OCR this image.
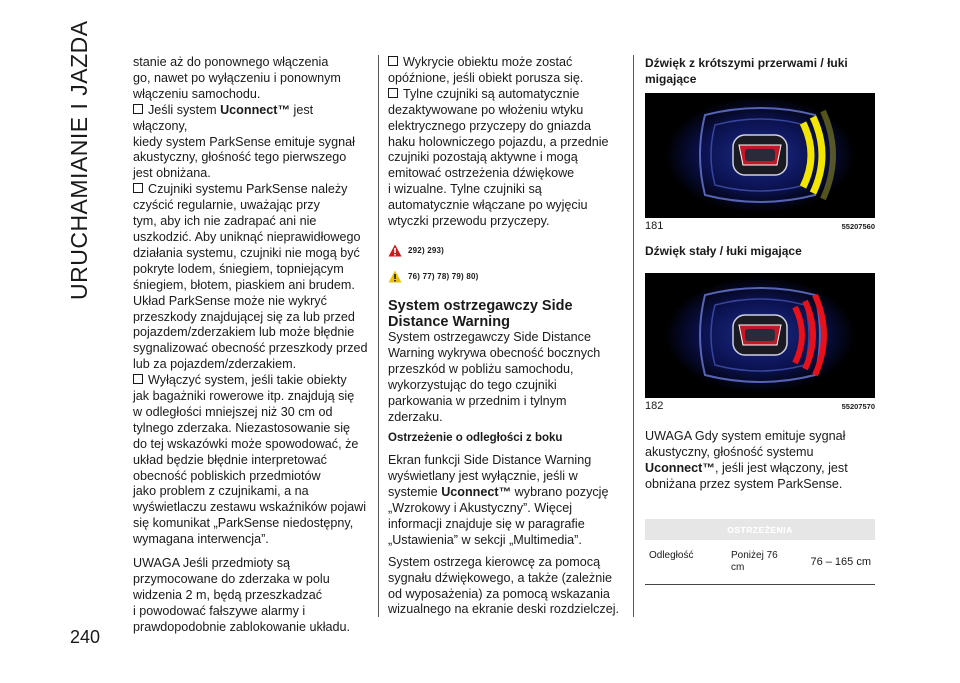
URUCHAMIANIE I JAZDA
240

stanie aż do ponownego włączenia
go, nawet po wyłączeniu i ponownym
włączeniu samochodu.

Jeśli system Uconnect™ jest włączony,
kiedy system ParkSense emituje sygnał
akustyczny, głośność tego pierwszego
jest obniżana.

Czujniki systemu ParkSense należy
czyścić regularnie, uważając przy
tym, aby ich nie zadrapać ani nie
uszkodzić. Aby uniknąć nieprawidłowego
działania systemu, czujniki nie mogą być
pokryte lodem, śniegiem, topniejącym
śniegiem, błotem, piaskiem ani brudem.
Układ ParkSense może nie wykryć
przeszkody znajdującej się za lub przed
pojazdem/zderzakiem lub może błędnie
sygnalizować obecność przeszkody przed
lub za pojazdem/zderzakiem.

Wyłączyć system, jeśli takie obiekty
jak bagażniki rowerowe itp. znajdują się
w odległości mniejszej niż 30 cm od
tylnego zderzaka. Niezastosowanie się
do tej wskazówki może spowodować, że
układ będzie błędnie interpretować
obecność pobliskich przedmiotów
jako problem z czujnikami, a na
wyświetlaczu zestawu wskaźników pojawi
się komunikat „ParkSense niedostępny,
wymagana interwencja”.

UWAGA Jeśli przedmioty są
przymocowane do zderzaka w polu
widzenia 2 m, będą przeszkadzać
i powodować fałszywe alarmy i
prawdopodobnie zablokowanie układu.

Wykrycie obiektu może zostać
opóźnione, jeśli obiekt porusza się.

Tylne czujniki są automatycznie
dezaktywowane po włożeniu wtyku
elektrycznego przyczepy do gniazda
haku holowniczego pojazdu, a przednie
czujniki pozostają aktywne i mogą
emitować ostrzeżenia dźwiękowe
i wizualne. Tylne czujniki są
automatycznie włączane po wyjęciu
wtyczki przewodu przyczepy.

292) 293)
76) 77) 78) 79) 80)

System ostrzegawczy Side
Distance Warning

System ostrzegawczy Side Distance
Warning wykrywa obecność bocznych
przeszkód w pobliżu samochodu,
wykorzystując do tego czujniki
parkowania w przednim i tylnym
zderzaku.

Ostrzeżenie o odległości z boku

Ekran funkcji Side Distance Warning
wyświetlany jest wyłącznie, jeśli w
systemie Uconnect™ wybrano pozycję
„Wzrokowy i Akustyczny”. Więcej
informacji znajduje się w paragrafie
„Ustawienia” w sekcji „Multimedia”.

System ostrzega kierowcę za pomocą
sygnału dźwiękowego, a także (zależnie
od wyposażenia) za pomocą wskazania
wizualnego na ekranie deski rozdzielczej.

Dźwięk z krótszymi przerwami / łuki
migające

181	55207560

Dźwięk stały / łuki migające

182	55207570

UWAGA Gdy system emituje sygnał
akustyczny, głośność systemu
Uconnect™, jeśli jest włączony, jest
obniżana przez system ParkSense.

OSTRZEŻENIA
Odległość	Poniżej 76
cm	76 – 165 cm
